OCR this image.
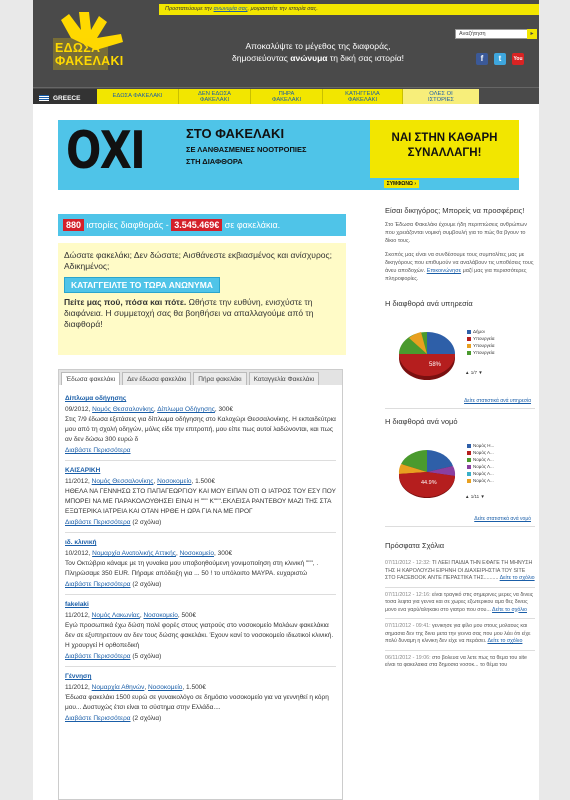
Προστατεύουμε την ανωνυμία σας, μοιραστείτε την ιστορία σας.
ΕΔΩΣΑ
ΦΑΚΕΛΑΚΙ
Αποκαλύψτε το μέγεθος της διαφοράς,
δημοσιεύοντας ανώνυμα τη δική σας ιστορία!
Αναζήτηση	▸
f	t	You
GREECE	ΕΔΩΣΑ ΦΑΚΕΛΑΚΙ	ΔΕΝ ΕΔΩΣΑ
ΦΑΚΕΛΑΚΙ
ΠΗΡΑ
ΦΑΚΕΛΑΚΙ
ΚΑΤΗΓΓΕΙΛΑ
ΦΑΚΕΛΑΚΙ
ΟΛΕΣ ΟΙ
ΙΣΤΟΡΙΕΣ
ΟΧΙ	ΣΤΟ ΦΑΚΕΛΑΚΙ
ΣΕ ΛΑΝΘΑΣΜΕΝΕΣ ΝΟΟΤΡΟΠΙΕΣ
ΣΤΗ ΔΙΑΦΘΟΡΑ
ΝΑΙ ΣΤΗΝ ΚΑΘΑΡΗ
ΣΥΝΑΛΛΑΓΗ!
ΣΥΜΦΩΝΩ ›
880 ιστορίες διαφθοράς - 3.545.469€ σε φακελάκια.
Δώσατε φακελάκι; Δεν δώσατε; Αισθάνεστε εκβιασμένος και ανίσχυρος; Αδικημένος;
ΚΑΤΑΓΓΕΙΛΤΕ ΤΟ ΤΩΡΑ ΑΝΩΝΥΜΑ
Πείτε μας πού, πόσα και πότε. Ωθήστε την ευθύνη, ενισχύστε τη διαφάνεια. Η συμμετοχή σας θα βοηθήσει να απαλλαγούμε από τη διαφθορά!
Έδωσα φακελάκι	Δεν έδωσα φακελάκι	Πήρα φακελάκι	Καταγγελία Φακελάκι
Δίπλωμα οδήγησης
09/2012, Νομός Θεσσαλονίκης, Δίπλωμα Οδήγησης, 300€
Στις 7/9 έδωσα εξετάσεις για δίπλωμα οδήγησης στο Καλοχώρι Θεσσαλονίκης. Η εκπαιδεύτρια μου από τη σχολή οδηγών, μόλις είδε την επιτροπή, μου είπε πως αυτοί λαδώνονται, και πως αν δεν δώσω 300 ευρώ δ
Διαβάστε Περισσότερα
ΚΑΙΣΑΡΙΚΗ
11/2012, Νομός Θεσσαλονίκης, Νοσοκομείο, 1.500€
ΗΘΕΛΑ ΝΑ ΓΕΝΝΗΣΩ ΣΤΟ ΠΑΠΑΓΕΩΡΓΙΟΥ ΚΑΙ ΜΟΥ ΕΙΠΑΝ ΟΤΙ Ο ΙΑΤΡΟΣ ΤΟΥ ΕΣΥ ΠΟΥ ΜΠΟΡΕΙ ΝΑ ΜΕ ΠΑΡΑΚΟΛΟΥΘΗΣΕΙ ΕΙΝΑΙ Η """ Κ""".ΕΚΛΕΙΣΑ ΡΑΝΤΕΒΟΥ ΜΑΖΙ ΤΗΣ ΣΤΑ ΕΞΩΤΕΡΙΚΑ ΙΑΤΡΕΙΑ ΚΑΙ ΟΤΑΝ ΗΡΘΕ Η ΩΡΑ ΓΙΑ ΝΑ ΜΕ ΠΡΟΓ
Διαβάστε Περισσότερα (2 σχόλια)
ιδ. κλινική
10/2012, Νομαρχία Ανατολικής Αττικής, Νοσοκομείο, 300€
Τον Οκτώβριο κάναμε με τη γυναίκα μου υποβοηθούμενη γονιμοποίηση στη κλινική """, . Πληρώσαμε 350 EUR. Πήραμε απόδειξη για ... 50 ! το υπόλοιπο ΜΑΥΡΑ. ευχαριστώ
Διαβάστε Περισσότερα (2 σχόλια)
fakelaki
11/2012, Νομός Λακωνίας, Νοσοκομείο, 500€
Εγώ προσωπικά έχω δώση πολέ φορές στους γιατρούς στο νοσοκομείο Μολάων φακελάκια δεν σε εξυπηρετουν αν δεν τους δώσης φακελάκι. Έχουν κανί το νοσοκομείο ιδιωτικοί κλινική. Η χρουργεί Η ορθοπεδική
Διαβάστε Περισσότερα (5 σχόλια)
Γέννηση
11/2012, Νομαρχία Αθηνών, Νοσοκομείο, 1.500€
Έδωσα φακελάκι 1500 ευρώ σε γυναικολόγο σε δημόσιο νοσοκομείο για να γεννηθεί η κόρη μου... Δυστυχώς έτσι είναι το σύστημα στην Ελλάδα....
Διαβάστε Περισσότερα (2 σχόλια)
Είσαι δικηγόρος; Μπορείς να προσφέρεις!
Στο Έδωσα Φακελάκι έχουμε ήδη περιπτώσεις ανθρώπων που χρειάζονται νομική συμβουλή για το πώς θα βγουν το δίκιο τους.
Σκοπός μας είναι να συνδέσουμε τους συμπολίτες μας με δικηγόρους που επιθυμούν να αναλάβουν τις υποθέσεις τους άνευ αποδοχών. Επικοινώνησε μαζί μας για περισσότερες πληροφορίες.
Η διαφθορά ανά υπηρεσία
58%
Δήμοι
Υπουργεία
Υπουργεία
Υπουργεία
▲ 1/7 ▼
Δείτε στατιστικά ανά υπηρεσία
Η διαφθορά ανά νομό
44.9%
Νομός Η...
Νομός Α...
Νομός Α...
Νομός Λ...
Νομός Α...
Νομός Α...
▲ 1/11 ▼
Δείτε στατιστικά ανά νομό
Πρόσφατα Σχόλια
07/11/2012 - 12:32: ΤΙ ΛΕΕΙ ΠΑΙΔΙΑ ΤΗΝ ΕΦΑΓΕ ΤΗ ΜΗΝΥΣΗ ΤΗΣ Η ΚΑΡΟΛΟΥΖΗ ΕΙΡΗΝΗ ΟΙ ΔΙΑΧΕΙΡΗΣΤΙΑ ΤΟΥ SITE ΣΤΟ FACEBOOK ΑΝΤΕ ΠΕΡΑΣΤΙΚΑ ΤΗΣ.......... Δείτε το σχόλιο
07/11/2012 - 12:16: είναι τραγικό στις σημερινες μερες να δινεις τοσα λεφτα για γεννα και σε χωρες εξωτερικου αμα θες δινεις μονο ενα γαρύ/αληκακι στο γιατρο που σου... Δείτε το σχόλιο
07/11/2012 - 09:41: γενικησε για φίλο μου στους μολαους και σημασια δεν της δινει μετα την γεννα σας που μου λέει ότι είχε πολύ δυναμη η κλινικη δεν είχε να περάσει. Δείτε το σχόλιο
06/11/2012 - 19:06: στο βολευα να λετε πως τα θεμα του site είναι τα φακελακια στα δημοσια νοσοκ... το θέμα του
